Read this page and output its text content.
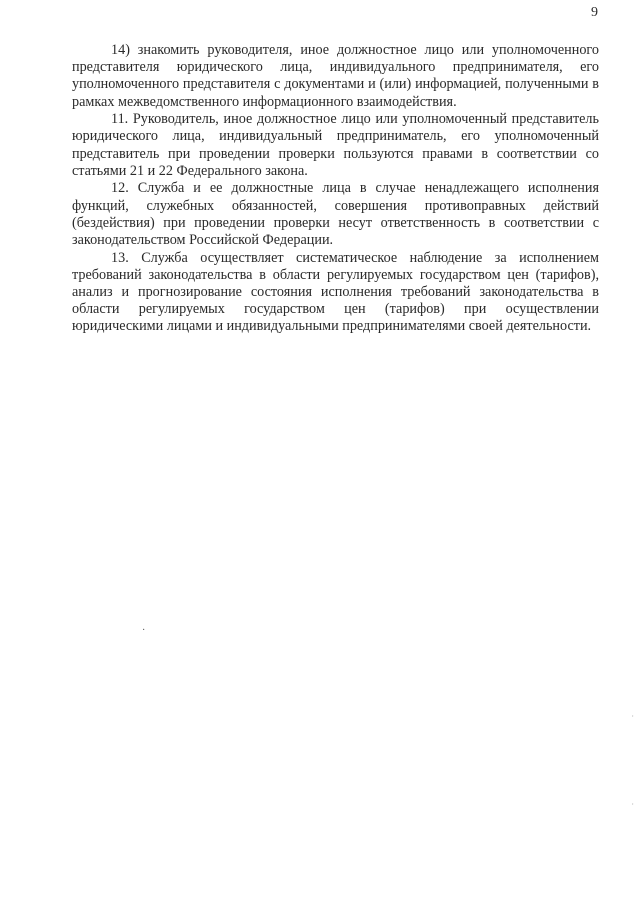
9

14) знакомить руководителя, иное должностное лицо или уполномоченного представителя юридического лица, индивидуального предпринимателя, его уполномоченного представителя с документами и (или) информацией, полученными в рамках межведомственного информационного взаимодействия.

11. Руководитель, иное должностное лицо или уполномоченный представитель юридического лица, индивидуальный предприниматель, его уполномоченный представитель при проведении проверки пользуются правами в соответствии со статьями 21 и 22 Федерального закона.

12. Служба и ее должностные лица в случае ненадлежащего исполнения функций, служебных обязанностей, совершения противоправных действий (бездействия) при проведении проверки несут ответственность в соответствии с законодательством Российской Федерации.

13. Служба осуществляет систематическое наблюдение за исполнением требований законодательства в области регулируемых государством цен (тарифов), анализ и прогнозирование состояния исполнения требований законодательства в области регулируемых государством цен (тарифов) при осуществлении юридическими лицами и индивидуальными предпринимателями своей деятельности.

·
·
·
